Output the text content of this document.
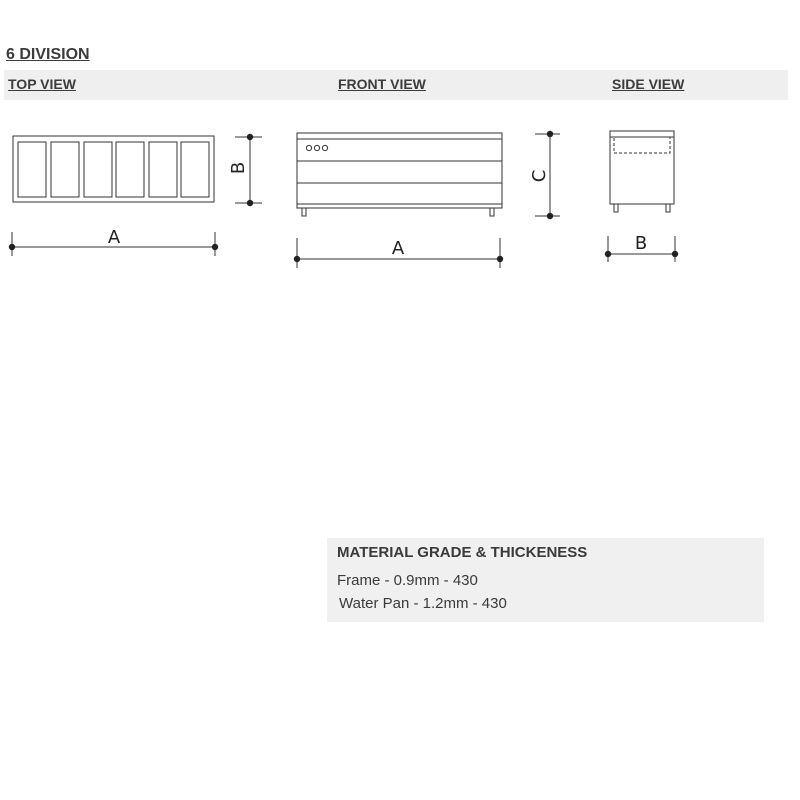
6 DIVISION
TOP VIEW	FRONT VIEW	SIDE VIEW
A
B
A
C
B
MATERIAL GRADE & THICKENESS
Frame - 0.9mm - 430
Water Pan - 1.2mm - 430
